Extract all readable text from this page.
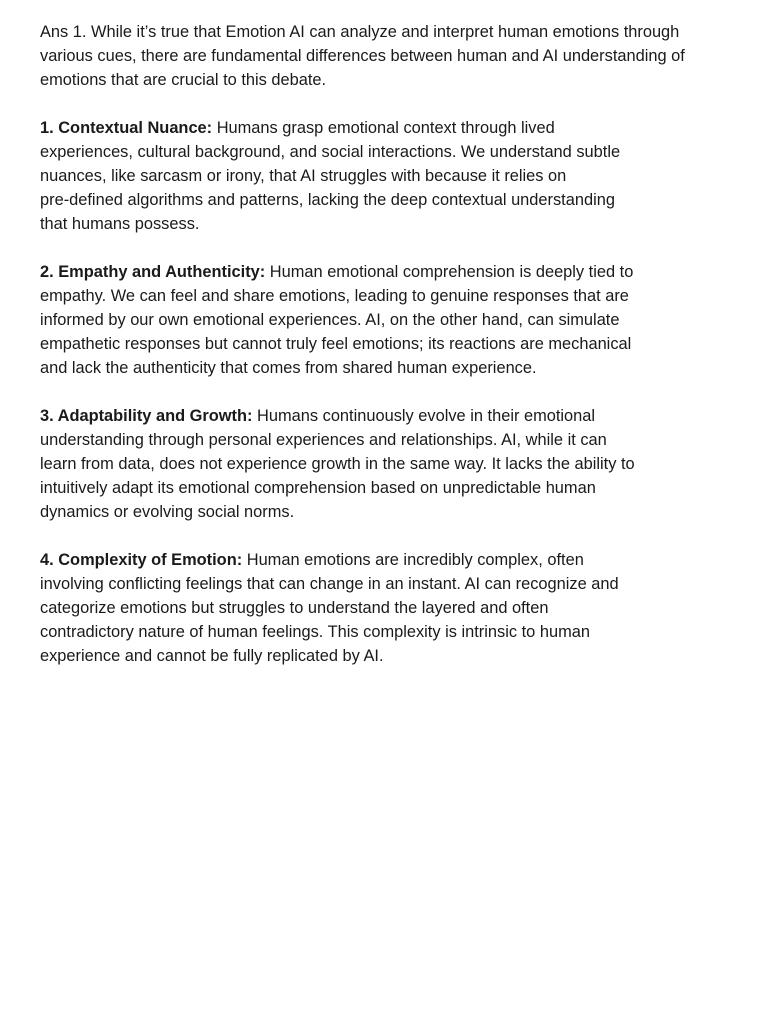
Ans 1. While it’s true that Emotion AI can analyze and interpret human emotions through
various cues, there are fundamental differences between human and AI understanding of
emotions that are crucial to this debate.

1. Contextual Nuance: Humans grasp emotional context through lived
experiences, cultural background, and social interactions. We understand subtle
nuances, like sarcasm or irony, that AI struggles with because it relies on
pre-defined algorithms and patterns, lacking the deep contextual understanding
that humans possess.

2. Empathy and Authenticity: Human emotional comprehension is deeply tied to
empathy. We can feel and share emotions, leading to genuine responses that are
informed by our own emotional experiences. AI, on the other hand, can simulate
empathetic responses but cannot truly feel emotions; its reactions are mechanical
and lack the authenticity that comes from shared human experience.

3. Adaptability and Growth: Humans continuously evolve in their emotional
understanding through personal experiences and relationships. AI, while it can
learn from data, does not experience growth in the same way. It lacks the ability to
intuitively adapt its emotional comprehension based on unpredictable human
dynamics or evolving social norms.

4. Complexity of Emotion: Human emotions are incredibly complex, often
involving conflicting feelings that can change in an instant. AI can recognize and
categorize emotions but struggles to understand the layered and often
contradictory nature of human feelings. This complexity is intrinsic to human
experience and cannot be fully replicated by AI.
